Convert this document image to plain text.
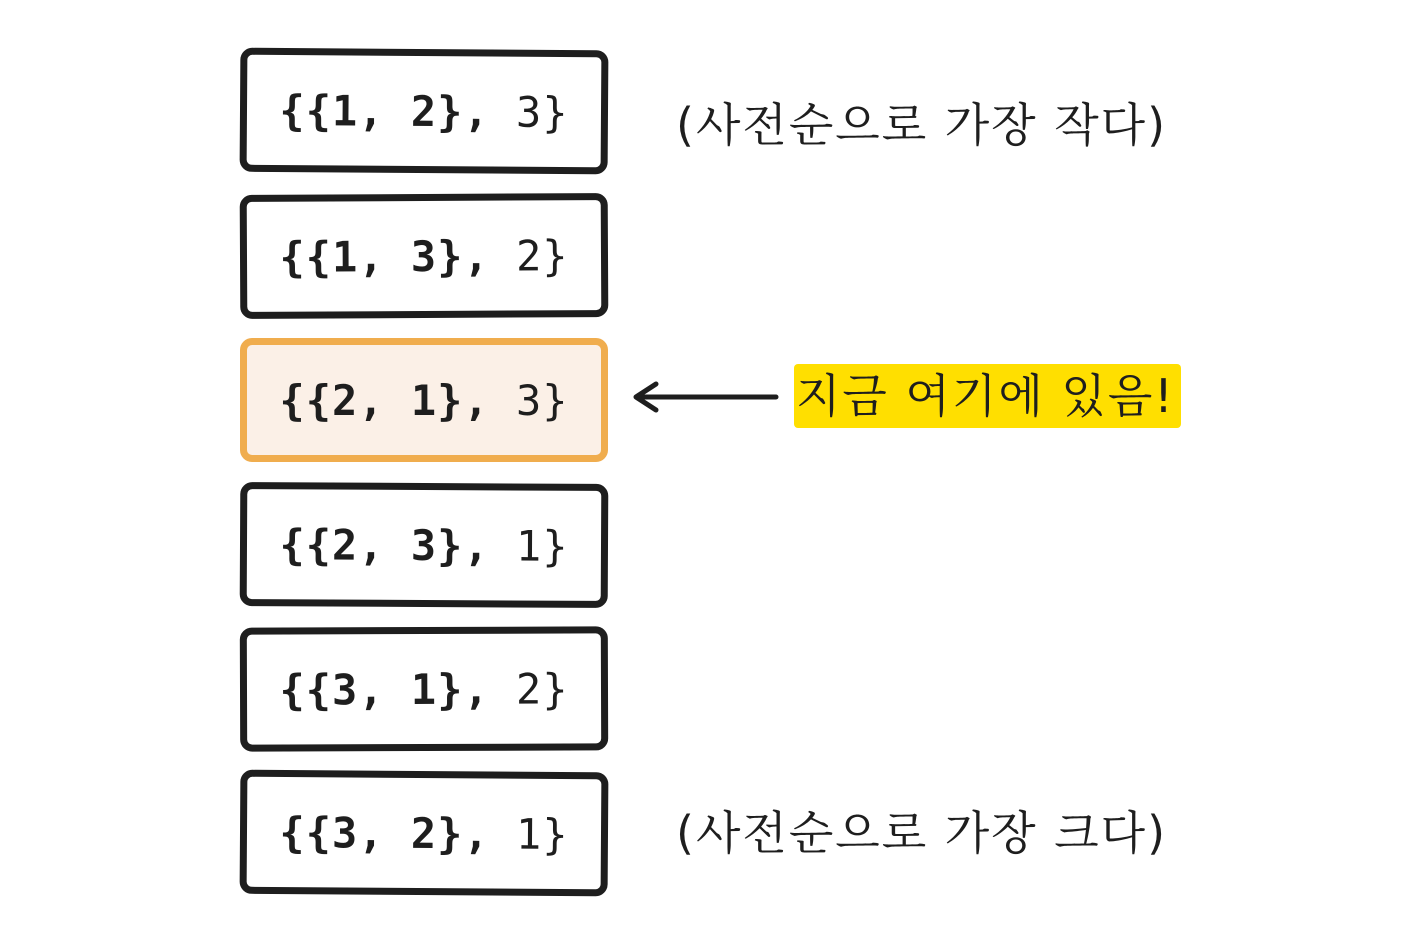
{{1, 2}, 3}
{{1, 3}, 2}
{{2, 1}, 3}
{{2, 3}, 1}
{{3, 1}, 2}
{{3, 2}, 1}
(사전순으로 가장 작다)
(사전순으로 가장 크다)
지금 여기에 있음!
